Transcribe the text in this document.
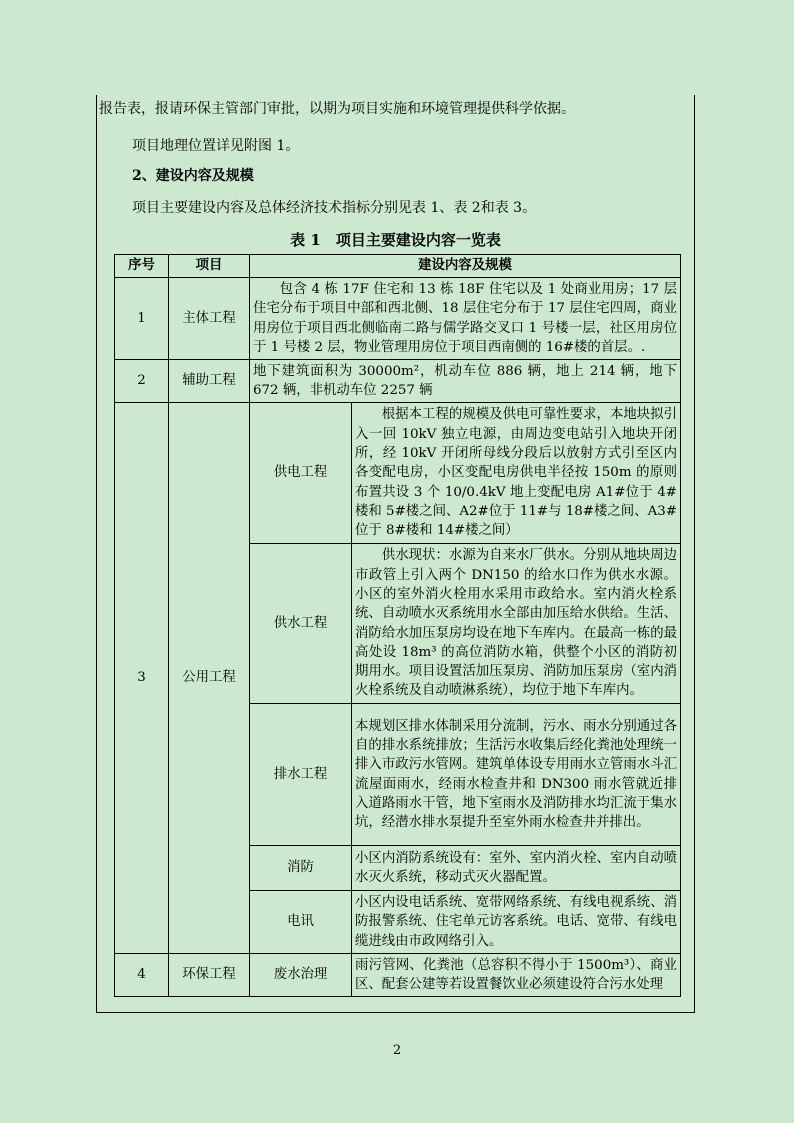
报告表，报请环保主管部门审批，以期为项目实施和环境管理提供科学依据。
项目地理位置详见附图 1。
2、建设内容及规模
项目主要建设内容及总体经济技术指标分别见表 1、表 2和表 3。
表 1　项目主要建设内容一览表
序号	项目	建设内容及规模	
1	主体工程	包含 4 栋 17F 住宅和 13 栋 18F 住宅以及 1 处商业用房；17 层住宅分布于项目中部和西北侧、18 层住宅分布于 17 层住宅四周，商业用房位于项目西北侧临南二路与儒学路交叉口 1 号楼一层，社区用房位于 1 号楼 2 层，物业管理用房位于项目西南侧的 16#楼的首层。.	
2	辅助工程	地下建筑面积为 30000m²，机动车位 886 辆，地上 214 辆，地下 672 辆，非机动车位 2257 辆	
3	公用工程	供电工程	根据本工程的规模及供电可靠性要求，本地块拟引入一回 10kV 独立电源，由周边变电站引入地块开闭所，经 10kV 开闭所母线分段后以放射方式引至区内各变配电房，小区变配电房供电半径按 150m 的原则布置共设 3 个 10/0.4kV 地上变配电房 A1#位于 4#楼和 5#楼之间、A2#位于 11#与 18#楼之间、A3#位于 8#楼和 14#楼之间）
		供水工程	供水现状：水源为自来水厂供水。分别从地块周边市政管上引入两个 DN150 的给水口作为供水水源。小区的室外消火栓用水采用市政给水。室内消火栓系统、自动喷水灭系统用水全部由加压给水供给。生活、消防给水加压泵房均设在地下车库内。在最高一栋的最高处设 18m³ 的高位消防水箱，供整个小区的消防初期用水。项目设置活加压泵房、消防加压泵房（室内消火栓系统及自动喷淋系统），均位于地下车库内。
		排水工程	本规划区排水体制采用分流制，污水、雨水分别通过各自的排水系统排放；生活污水收集后经化粪池处理统一排入市政污水管网。建筑单体设专用雨水立管雨水斗汇流屋面雨水，经雨水检查井和 DN300 雨水管就近排入道路雨水干管，地下室雨水及消防排水均汇流于集水坑，经潜水排水泵提升至室外雨水检查井并排出。
		消防	小区内消防系统设有：室外、室内消火栓、室内自动喷水灭火系统，移动式灭火器配置。
		电讯	小区内设电话系统、宽带网络系统、有线电视系统、消防报警系统、住宅单元访客系统。电话、宽带、有线电缆进线由市政网络引入。
4	环保工程	废水治理	雨污管网、化粪池（总容积不得小于 1500m³）、商业区、配套公建等若设置餐饮业必须建设符合污水处理
2
